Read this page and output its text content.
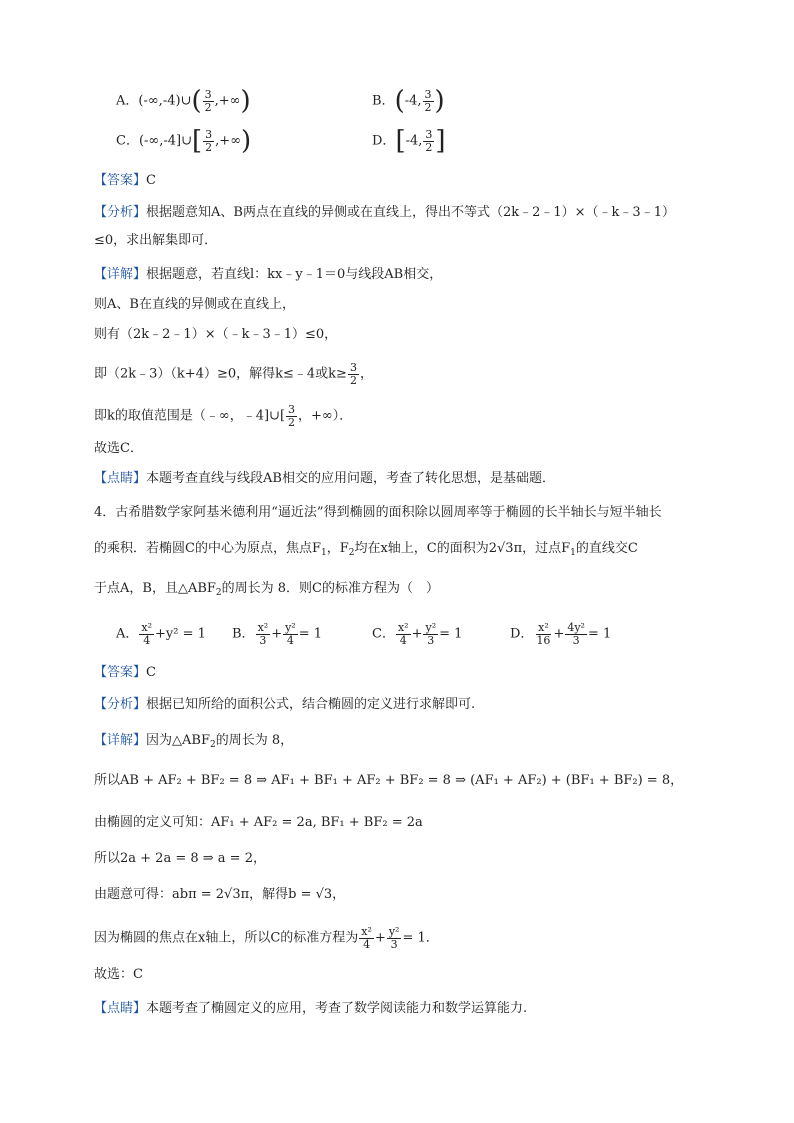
A．(-∞,-4)∪( $\frac{3}{2}$ ,+∞)	B．(-4, $\frac{3}{2}$ )
C．(-∞,-4]∪[ $\frac{3}{2}$ ,+∞)	D．[-4, $\frac{3}{2}$ ]
【答案】C
【分析】根据题意知A、B两点在直线的异侧或在直线上，得出不等式（2k﹣2﹣1）×（﹣k﹣3﹣1）
≤0，求出解集即可．
【详解】根据题意，若直线l：kx﹣y﹣1＝0与线段AB相交，
则A、B在直线的异侧或在直线上，
则有（2k﹣2﹣1）×（﹣k﹣3﹣1）≤0，
即（2k﹣3）（k+4）≥0，解得k≤﹣4或$k\ge \frac{3}{2}$ ，
即k的取值范围是（﹣∞，﹣4]∪[ $\frac{3}{2}$ ，+∞）．
故选C．
【点睛】本题考查直线与线段AB相交的应用问题，考查了转化思想，是基础题．
4．古希腊数学家阿基米德利用“逼近法”得到椭圆的面积除以圆周率等于椭圆的长半轴长与短半轴长
的乘积．若椭圆C的中心为原点，焦点$F_1$，$F_2$均在x轴上，C的面积为2√3π，过点$F_1$的直线交C
于点A，B，且$\triangle ABF_2$的周长为 8．则C的标准方程为（　）
A． $\frac{\text{x²}}{4} +y^2 = 1$ B． $\frac{\text{x²}}{3} + \frac{\text{y²}}{4} = 1$	C． $\frac{\text{x²}}{4} + \frac{\text{y²}}{3} = 1$	D． $\frac{\text{x²}}{16} + \frac{\text{4y²}}{3} = 1$
【答案】C
【分析】根据已知所给的面积公式，结合椭圆的定义进行求解即可.
【详解】因为$\triangle ABF_2$的周长为 8，
所以AB + AF₂ + BF₂ = 8 ⇒ AF₁ + BF₁ + AF₂ + BF₂ = 8 ⇒ (AF₁ + AF₂) + (BF₁ + BF₂) = 8，
由椭圆的定义可知：AF₁ + AF₂ = 2a, BF₁ + BF₂ = 2a
所以2a + 2a = 8 ⇒ a = 2，
由题意可得：abπ = 2√3π，解得b = √3，
因为椭圆的焦点在x轴上，所以C的标准方程为 $\frac{\text{x²}}{4} + \frac{\text{y²}}{3} = 1$．
故选：C
【点睛】本题考查了椭圆定义的应用，考查了数学阅读能力和数学运算能力.
